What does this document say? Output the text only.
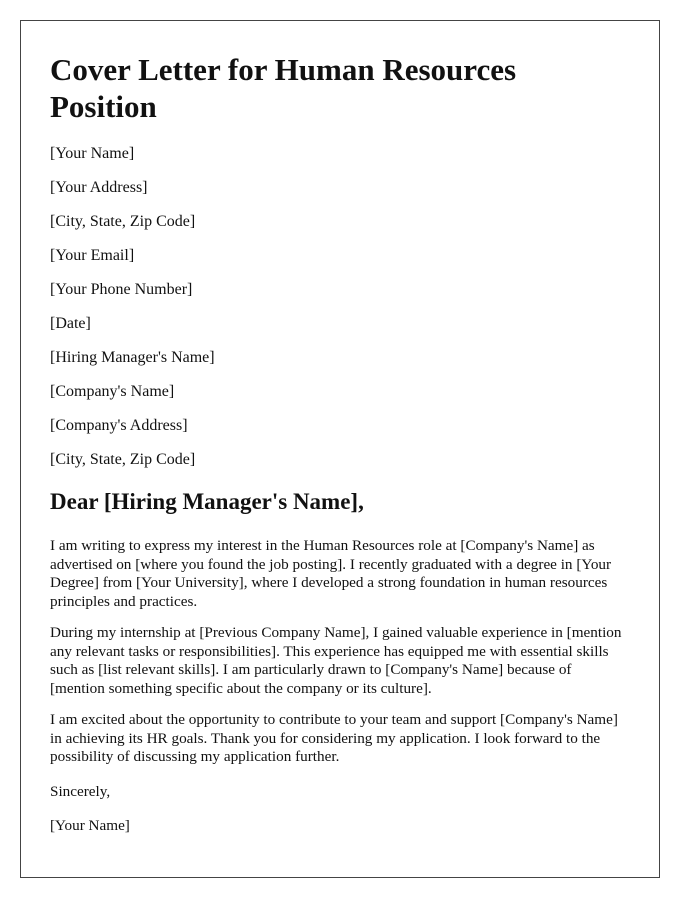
Cover Letter for Human Resources Position

[Your Name]

[Your Address]

[City, State, Zip Code]

[Your Email]

[Your Phone Number]

[Date]

[Hiring Manager's Name]

[Company's Name]

[Company's Address]

[City, State, Zip Code]

Dear [Hiring Manager's Name],

I am writing to express my interest in the Human Resources role at [Company's Name] as advertised on [where you found the job posting]. I recently graduated with a degree in [Your Degree] from [Your University], where I developed a strong foundation in human resources principles and practices.

During my internship at [Previous Company Name], I gained valuable experience in [mention any relevant tasks or responsibilities]. This experience has equipped me with essential skills such as [list relevant skills]. I am particularly drawn to [Company's Name] because of [mention something specific about the company or its culture].

I am excited about the opportunity to contribute to your team and support [Company's Name] in achieving its HR goals. Thank you for considering my application. I look forward to the possibility of discussing my application further.

Sincerely,

[Your Name]
